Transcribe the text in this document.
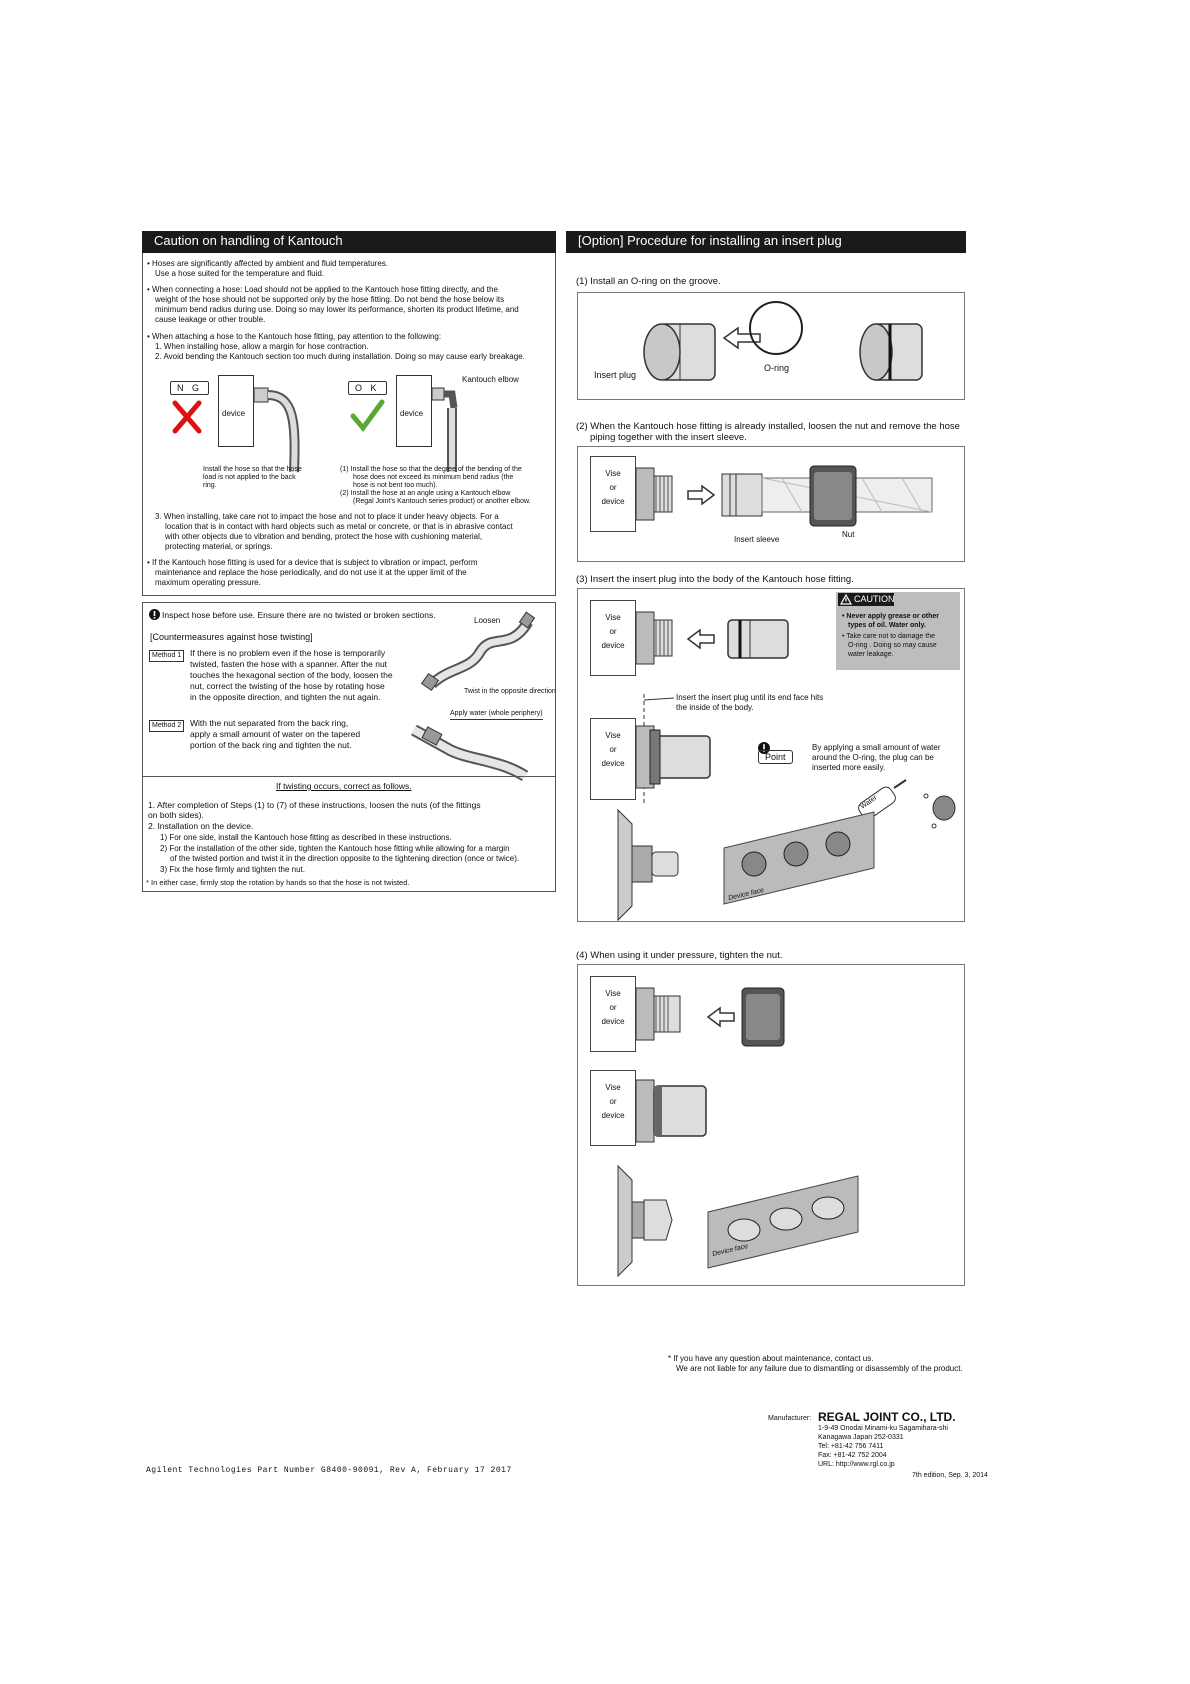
Caution on handling of Kantouch
• Hoses are significantly affected by ambient and fluid temperatures.
Use a hose suited for the temperature and fluid.
• When connecting a hose: Load should not be applied to the Kantouch hose fitting directly, and the
weight of the hose should not be supported only by the hose fitting. Do not bend the hose below its
minimum bend radius during use. Doing so may lower its performance, shorten its product lifetime, and
cause leakage or other trouble.
• When attaching a hose to the Kantouch hose fitting, pay attention to the following:
1. When installing hose, allow a margin for hose contraction.
2. Avoid bending the Kantouch section too much during installation. Doing so may cause early breakage.
N G	O K
device
Kantouch elbow
device
Install the hose so that the hose
load is not applied to the back
ring.
(1) Install the hose so that the degree of the bending of the
hose does not exceed its minimum bend radius (the
hose is not bent too much).
(2) Install the hose at an angle using a Kantouch elbow
(Regal Joint's Kantouch series product) or another elbow.
3. When installing, take care not to impact the hose and not to place it under heavy objects. For a
location that is in contact with hard objects such as metal or concrete, or that is in abrasive contact
with other objects due to vibration and bending, protect the hose with cushioning material,
protecting material, or springs.
• If the Kantouch hose fitting is used for a device that is subject to vibration or impact, perform
maintenance and replace the hose periodically, and do not use it at the upper limit of the
maximum operating pressure.
Inspect hose before use. Ensure there are no twisted or broken sections.
Loosen
[Countermeasures against hose twisting]
Method 1	If there is no problem even if the hose is temporarily
twisted, fasten the hose with a spanner. After the nut
touches the hexagonal section of the body, loosen the
nut, correct the twisting of the hose by rotating hose
in the opposite direction, and tighten the nut again.
Twist in the opposite direction
Apply water (whole periphery)
Method 2	With the nut separated from the back ring,
apply a small amount of water on the tapered
portion of the back ring and tighten the nut.
If twisting occurs, correct as follows.
1. After completion of Steps (1) to (7) of these instructions, loosen the nuts (of the fittings
on both sides).
2. Installation on the device.
1) For one side, install the Kantouch hose fitting as described in these instructions.
2) For the installation of the other side, tighten the Kantouch hose fitting while allowing for a margin
of the twisted portion and twist it in the direction opposite to the tightening direction (once or twice).
3) Fix the hose firmly and tighten the nut.
* In either case, firmly stop the rotation by hands so that the hose is not twisted.
[Option] Procedure for installing an insert plug
(1) Install an O-ring on the groove.
Insert plug
O-ring
(2) When the Kantouch hose fitting is already installed, loosen the nut and remove the hose
piping together with the insert sleeve.
Vise
or
device
Insert sleeve
Nut
(3) Insert the insert plug into the body of the Kantouch hose fitting.
Vise
or
device
CAUTION
• Never apply grease or other
types of oil. Water only.
• Take care not to damage the
O-ring . Doing so may cause
water leakage.
Insert the insert plug until its end face hits
the inside of the body.
Vise
or
device
Point
By applying a small amount of water
around the O-ring, the plug can be
inserted more easily.
Water
Device face
(4) When using it under pressure, tighten the nut.
Vise
or
device
Vise
or
device
Device face
* If you have any question about maintenance, contact us.
We are not liable for any failure due to dismantling or disassembly of the product.
Manufacturer: REGAL JOINT CO., LTD.
1-9-49 Onodai Minami-ku Sagamihara-shi
Kanagawa Japan 252-0331
Tel: +81-42 756 7411
Fax: +81-42 752 2004
URL: http://www.rgl.co.jp
7th edition, Sep. 3, 2014
Agilent Technologies Part Number G8400-90091, Rev A, February 17 2017
